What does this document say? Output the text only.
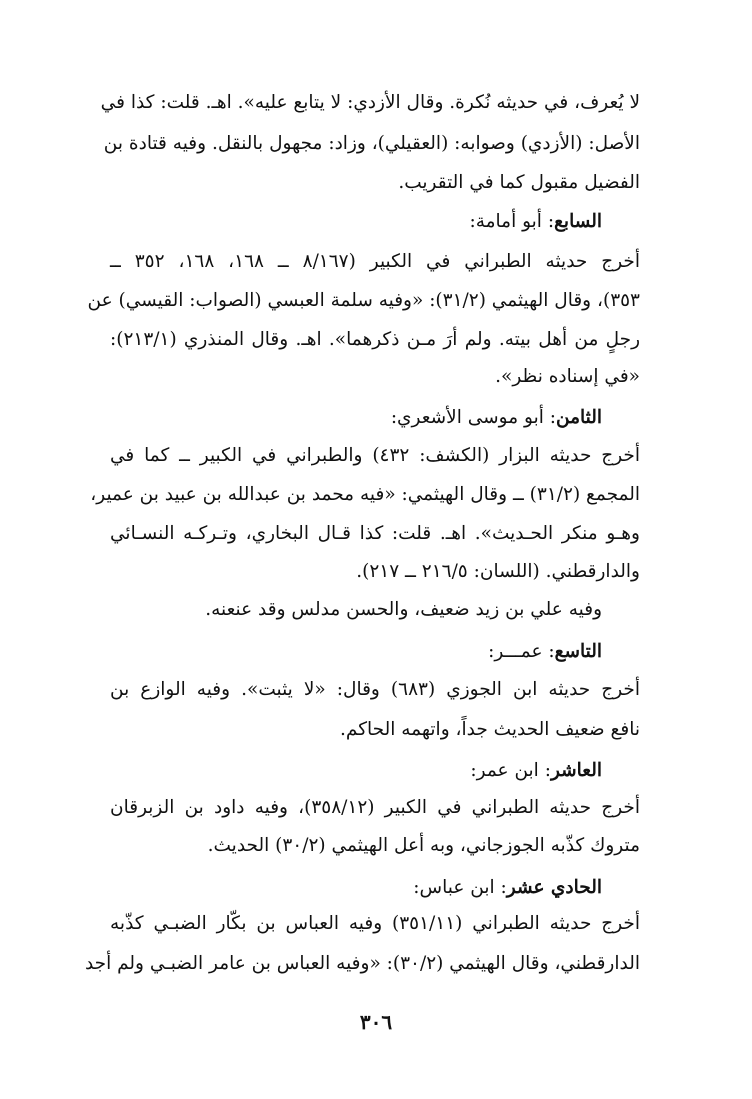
لا يُعرف، في حديثه نُكرة. وقال الأزدي: لا يتابع عليه». اهـ. قلت: كذا في
الأصل: (الأزدي) وصوابه: (العقيلي)، وزاد: مجهول بالنقل. وفيه قتادة بن
الفضيل مقبول كما في التقريب.
السابع: أبو أمامة:
أخرج حديثه الطبراني في الكبير (٨/١٦٧ ــ ١٦٨، ١٦٨، ٣٥٢ ــ
٣٥٣)، وقال الهيثمي (٣١/٢): «وفيه سلمة العبسي (الصواب: القيسي) عن
رجلٍ من أهل بيته. ولم أرَ مـن ذكرهما». اهـ. وقال المنذري (٢١٣/١):
«في إسناده نظر».
الثامن: أبو موسى الأشعري:
أخرج حديثه البزار (الكشف: ٤٣٢) والطبراني في الكبير ــ كما في
المجمع (٣١/٢) ــ وقال الهيثمي: «فيه محمد بن عبدالله بن عبيد بن عمير،
وهـو منكر الحـديث». اهـ. قلت: كذا قـال البخاري، وتـركـه النسـائي
والدارقطني. (اللسان: ٢١٦/٥ ــ ٢١٧).
وفيه علي بن زيد ضعيف، والحسن مدلس وقد عنعنه.
التاسع: عمـــر:
أخرج حديثه ابن الجوزي (٦٨٣) وقال: «لا يثبت». وفيه الوازع بن
نافع ضعيف الحديث جداً، واتهمه الحاكم.
العاشر: ابن عمر:
أخرج حديثه الطبراني في الكبير (٣٥٨/١٢)، وفيه داود بن الزبرقان
متروك كذّبه الجوزجاني، وبه أعل الهيثمي (٣٠/٢) الحديث.
الحادي عشر: ابن عباس:
أخرج حديثه الطبراني (٣٥١/١١) وفيه العباس بن بكّار الضبـي كذّبه
الدارقطني، وقال الهيثمي (٣٠/٢): «وفيه العباس بن عامر الضبـي ولم أجد
٣٠٦
